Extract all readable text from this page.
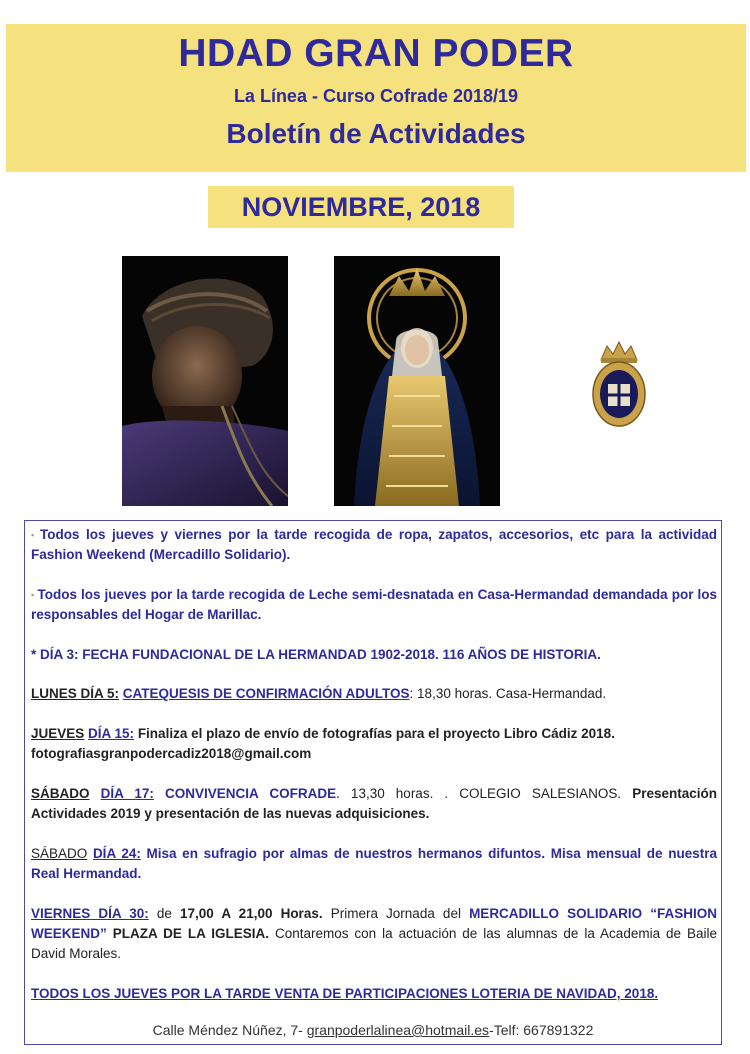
HDAD GRAN PODER
La Línea - Curso Cofrade 2018/19
Boletín de Actividades
NOVIEMBRE, 2018
▪ Todos los jueves y viernes por la tarde recogida de ropa, zapatos, accesorios, etc para la actividad Fashion Weekend (Mercadillo Solidario).
▪ Todos los jueves por la tarde recogida de Leche semi-desnatada en Casa-Hermandad demandada por los responsables del Hogar de Marillac.
* DÍA 3: FECHA FUNDACIONAL DE LA HERMANDAD 1902-2018. 116 AÑOS DE HISTORIA.
LUNES DÍA 5: CATEQUESIS DE CONFIRMACIÓN ADULTOS: 18,30 horas. Casa-Hermandad.
JUEVES DÍA 15: Finaliza el plazo de envío de fotografías para el proyecto Libro Cádiz 2018.
fotografiasgranpodercadiz2018@gmail.com
SÁBADO DÍA 17: CONVIVENCIA COFRADE. 13,30 horas. . COLEGIO SALESIANOS. Presentación Actividades 2019 y presentación de las nuevas adquisiciones.
SÁBADO DÍA 24: Misa en sufragio por almas de nuestros hermanos difuntos. Misa mensual de nuestra Real Hermandad.
VIERNES DÍA 30: de 17,00 A 21,00 Horas. Primera Jornada del MERCADILLO SOLIDARIO “FASHION WEEKEND” PLAZA DE LA IGLESIA. Contaremos con la actuación de las alumnas de la Academia de Baile David Morales.
TODOS LOS JUEVES POR LA TARDE VENTA DE PARTICIPACIONES LOTERIA DE NAVIDAD, 2018.
Calle Méndez Núñez, 7- granpoderlalinea@hotmail.es-Telf: 667891322
